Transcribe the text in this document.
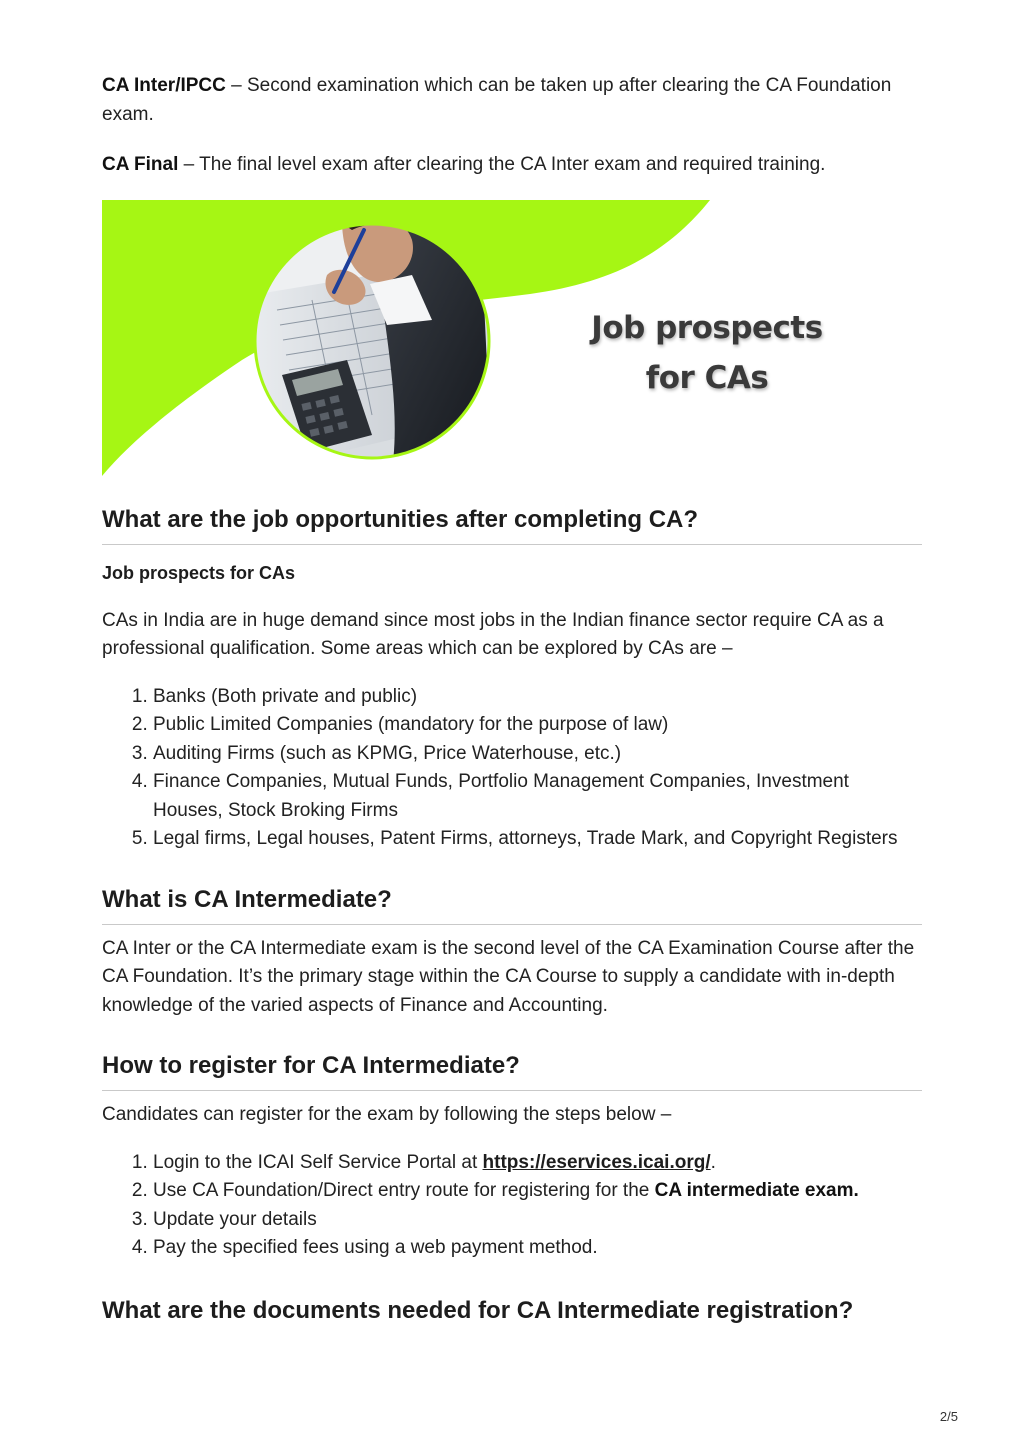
CA Inter/IPCC – Second examination which can be taken up after clearing the CA Foundation exam.

CA Final – The final level exam after clearing the CA Inter exam and required training.

Job prospects
for CAs
What are the job opportunities after completing CA?
Job prospects for CAs

CAs in India are in huge demand since most jobs in the Indian finance sector require CA as a professional qualification. Some areas which can be explored by CAs are –

1. Banks (Both private and public)
2. Public Limited Companies (mandatory for the purpose of law)
3. Auditing Firms (such as KPMG, Price Waterhouse, etc.)
4. Finance Companies, Mutual Funds, Portfolio Management Companies, Investment Houses, Stock Broking Firms
5. Legal firms, Legal houses, Patent Firms, attorneys, Trade Mark, and Copyright Registers
What is CA Intermediate?

CA Inter or the CA Intermediate exam is the second level of the CA Examination Course after the CA Foundation. It’s the primary stage within the CA Course to supply a candidate with in-depth knowledge of the varied aspects of Finance and Accounting.

How to register for CA Intermediate?

Candidates can register for the exam by following the steps below –

1. Login to the ICAI Self Service Portal at https://eservices.icai.org/.
2. Use CA Foundation/Direct entry route for registering for the CA intermediate exam.
3. Update your details
4. Pay the specified fees using a web payment method.
What are the documents needed for CA Intermediate registration?
2/5
